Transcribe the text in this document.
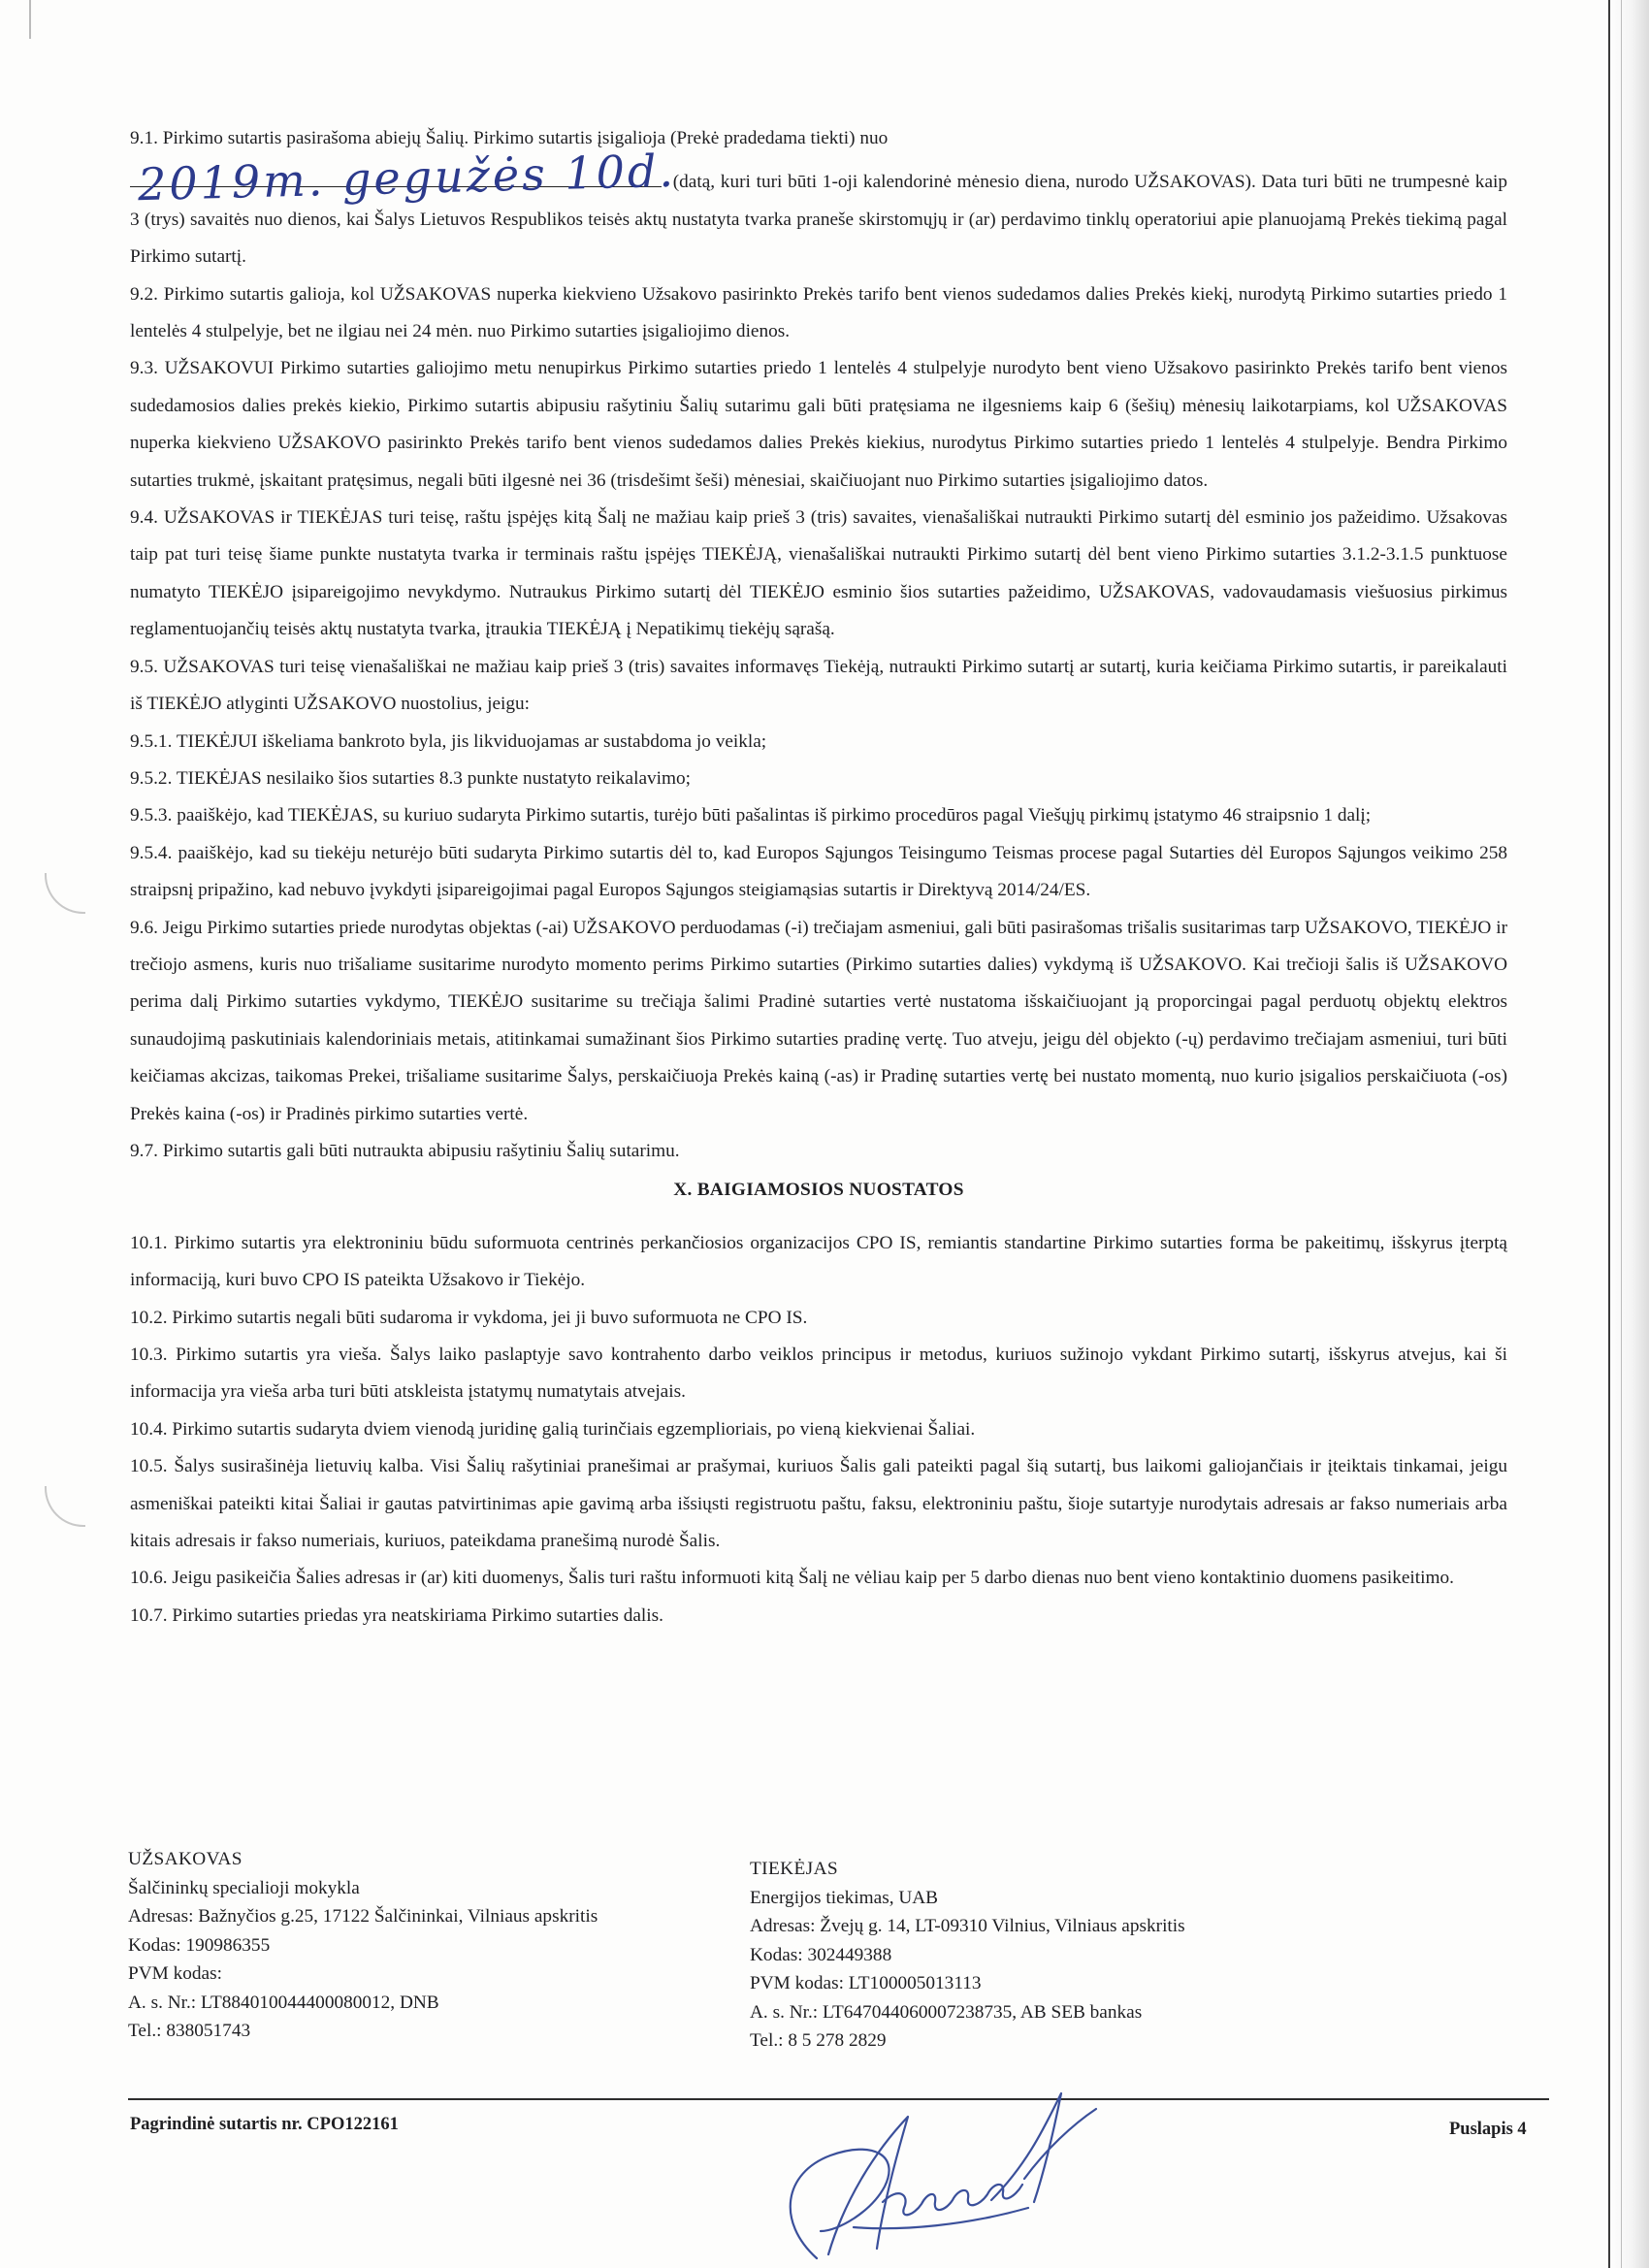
9.1. Pirkimo sutartis pasirašoma abiejų Šalių. Pirkimo sutartis įsigalioja (Prekė pradedama tiekti) nuo

2019m. gegužės 10d.
(datą, kuri turi būti 1-oji kalendorinė mėnesio diena, nurodo UŽSAKOVAS). Data turi būti ne trumpesnė kaip 3 (trys) savaitės nuo dienos, kai Šalys Lietuvos Respublikos teisės aktų nustatyta tvarka praneše skirstomųjų ir (ar) perdavimo tinklų operatoriui apie planuojamą Prekės tiekimą pagal Pirkimo sutartį.

9.2. Pirkimo sutartis galioja, kol UŽSAKOVAS nuperka kiekvieno Užsakovo pasirinkto Prekės tarifo bent vienos sudedamos dalies Prekės kiekį, nurodytą Pirkimo sutarties priedo 1 lentelės 4 stulpelyje, bet ne ilgiau nei 24 mėn. nuo Pirkimo sutarties įsigaliojimo dienos.

9.3. UŽSAKOVUI Pirkimo sutarties galiojimo metu nenupirkus Pirkimo sutarties priedo 1 lentelės 4 stulpelyje nurodyto bent vieno Užsakovo pasirinkto Prekės tarifo bent vienos sudedamosios dalies prekės kiekio, Pirkimo sutartis abipusiu rašytiniu Šalių sutarimu gali būti pratęsiama ne ilgesniems kaip 6 (šešių) mėnesių laikotarpiams, kol UŽSAKOVAS nuperka kiekvieno UŽSAKOVO pasirinkto Prekės tarifo bent vienos sudedamos dalies Prekės kiekius, nurodytus Pirkimo sutarties priedo 1 lentelės 4 stulpelyje. Bendra Pirkimo sutarties trukmė, įskaitant pratęsimus, negali būti ilgesnė nei 36 (trisdešimt šeši) mėnesiai, skaičiuojant nuo Pirkimo sutarties įsigaliojimo datos.

9.4. UŽSAKOVAS ir TIEKĖJAS turi teisę, raštu įspėjęs kitą Šalį ne mažiau kaip prieš 3 (tris) savaites, vienašališkai nutraukti Pirkimo sutartį dėl esminio jos pažeidimo. Užsakovas taip pat turi teisę šiame punkte nustatyta tvarka ir terminais raštu įspėjęs TIEKĖJĄ, vienašališkai nutraukti Pirkimo sutartį dėl bent vieno Pirkimo sutarties 3.1.2-3.1.5 punktuose numatyto TIEKĖJO įsipareigojimo nevykdymo. Nutraukus Pirkimo sutartį dėl TIEKĖJO esminio šios sutarties pažeidimo, UŽSAKOVAS, vadovaudamasis viešuosius pirkimus reglamentuojančių teisės aktų nustatyta tvarka, įtraukia TIEKĖJĄ į Nepatikimų tiekėjų sąrašą.

9.5. UŽSAKOVAS turi teisę vienašališkai ne mažiau kaip prieš 3 (tris) savaites informavęs Tiekėją, nutraukti Pirkimo sutartį ar sutartį, kuria keičiama Pirkimo sutartis, ir pareikalauti iš TIEKĖJO atlyginti UŽSAKOVO nuostolius, jeigu:

9.5.1. TIEKĖJUI iškeliama bankroto byla, jis likviduojamas ar sustabdoma jo veikla;

9.5.2. TIEKĖJAS nesilaiko šios sutarties 8.3 punkte nustatyto reikalavimo;

9.5.3. paaiškėjo, kad TIEKĖJAS, su kuriuo sudaryta Pirkimo sutartis, turėjo būti pašalintas iš pirkimo procedūros pagal Viešųjų pirkimų įstatymo 46 straipsnio 1 dalį;

9.5.4. paaiškėjo, kad su tiekėju neturėjo būti sudaryta Pirkimo sutartis dėl to, kad Europos Sąjungos Teisingumo Teismas procese pagal Sutarties dėl Europos Sąjungos veikimo 258 straipsnį pripažino, kad nebuvo įvykdyti įsipareigojimai pagal Europos Sąjungos steigiamąsias sutartis ir Direktyvą 2014/24/ES.

9.6. Jeigu Pirkimo sutarties priede nurodytas objektas (-ai) UŽSAKOVO perduodamas (-i) trečiajam asmeniui, gali būti pasirašomas trišalis susitarimas tarp UŽSAKOVO, TIEKĖJO ir trečiojo asmens, kuris nuo trišaliame susitarime nurodyto momento perims Pirkimo sutarties (Pirkimo sutarties dalies) vykdymą iš UŽSAKOVO. Kai trečioji šalis iš UŽSAKOVO perima dalį Pirkimo sutarties vykdymo, TIEKĖJO susitarime su trečiąja šalimi Pradinė sutarties vertė nustatoma išskaičiuojant ją proporcingai pagal perduotų objektų elektros sunaudojimą paskutiniais kalendoriniais metais, atitinkamai sumažinant šios Pirkimo sutarties pradinę vertę. Tuo atveju, jeigu dėl objekto (-ų) perdavimo trečiajam asmeniui, turi būti keičiamas akcizas, taikomas Prekei, trišaliame susitarime Šalys, perskaičiuoja Prekės kainą (-as) ir Pradinę sutarties vertę bei nustato momentą, nuo kurio įsigalios perskaičiuota (-os) Prekės kaina (-os) ir Pradinės pirkimo sutarties vertė.

9.7. Pirkimo sutartis gali būti nutraukta abipusiu rašytiniu Šalių sutarimu.

X. BAIGIAMOSIOS NUOSTATOS

10.1. Pirkimo sutartis yra elektroniniu būdu suformuota centrinės perkančiosios organizacijos CPO IS, remiantis standartine Pirkimo sutarties forma be pakeitimų, išskyrus įterptą informaciją, kuri buvo CPO IS pateikta Užsakovo ir Tiekėjo.

10.2. Pirkimo sutartis negali būti sudaroma ir vykdoma, jei ji buvo suformuota ne CPO IS.

10.3. Pirkimo sutartis yra vieša. Šalys laiko paslaptyje savo kontrahento darbo veiklos principus ir metodus, kuriuos sužinojo vykdant Pirkimo sutartį, išskyrus atvejus, kai ši informacija yra vieša arba turi būti atskleista įstatymų numatytais atvejais.

10.4. Pirkimo sutartis sudaryta dviem vienodą juridinę galią turinčiais egzemplioriais, po vieną kiekvienai Šaliai.

10.5. Šalys susirašinėja lietuvių kalba. Visi Šalių rašytiniai pranešimai ar prašymai, kuriuos Šalis gali pateikti pagal šią sutartį, bus laikomi galiojančiais ir įteiktais tinkamai, jeigu asmeniškai pateikti kitai Šaliai ir gautas patvirtinimas apie gavimą arba išsiųsti registruotu paštu, faksu, elektroniniu paštu, šioje sutartyje nurodytais adresais ar fakso numeriais arba kitais adresais ir fakso numeriais, kuriuos, pateikdama pranešimą nurodė Šalis.

10.6. Jeigu pasikeičia Šalies adresas ir (ar) kiti duomenys, Šalis turi raštu informuoti kitą Šalį ne vėliau kaip per 5 darbo dienas nuo bent vieno kontaktinio duomens pasikeitimo.

10.7. Pirkimo sutarties priedas yra neatskiriama Pirkimo sutarties dalis.

UŽSAKOVAS
Šalčininkų specialioji mokykla
Adresas: Bažnyčios g.25, 17122 Šalčininkai, Vilniaus apskritis
Kodas: 190986355
PVM kodas:
A. s. Nr.: LT884010044400080012, DNB
Tel.: 838051743
TIEKĖJAS
Energijos tiekimas, UAB
Adresas: Žvejų g. 14, LT-09310 Vilnius, Vilniaus apskritis
Kodas: 302449388
PVM kodas: LT100005013113
A. s. Nr.: LT647044060007238735, AB SEB bankas
Tel.: 8 5 278 2829
Pagrindinė sutartis nr. CPO122161	Puslapis 4
